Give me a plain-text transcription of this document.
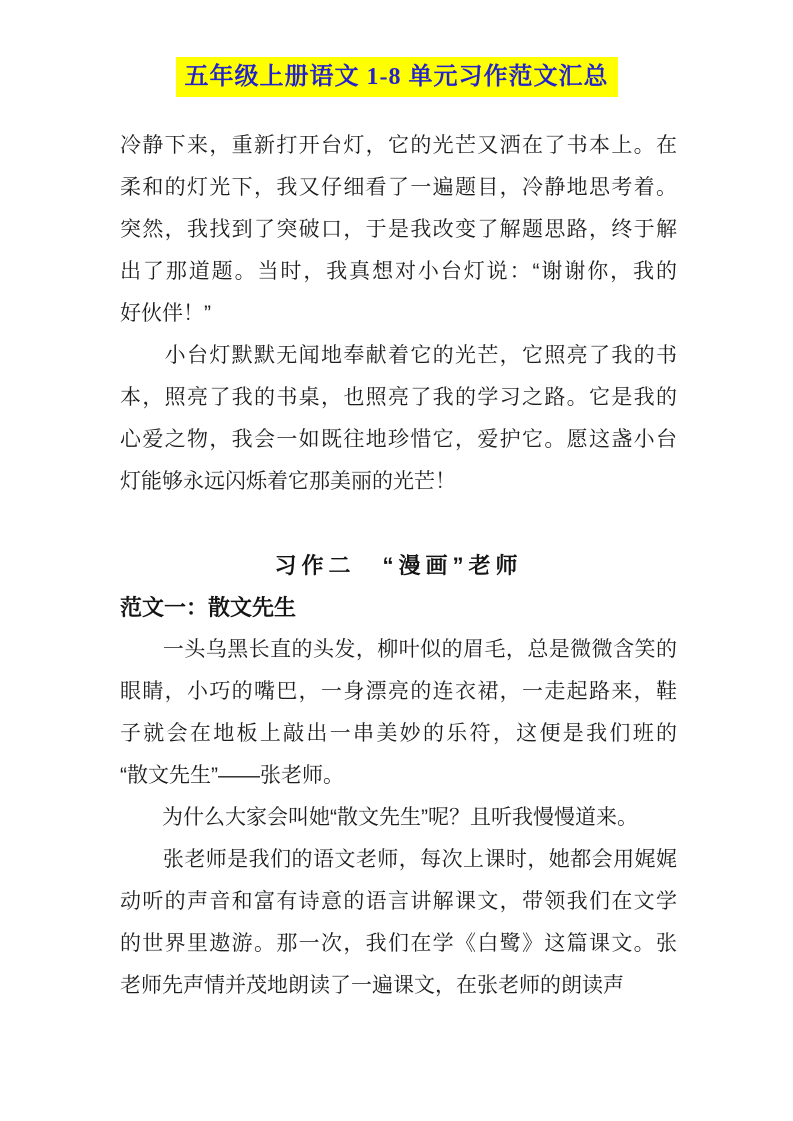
五年级上册语文 1-8 单元习作范文汇总
冷静下来，重新打开台灯，它的光芒又洒在了书本上。在
柔和的灯光下，我又仔细看了一遍题目，冷静地思考着。
突然，我找到了突破口，于是我改变了解题思路，终于解
出了那道题。当时，我真想对小台灯说：“谢谢你，我的
好伙伴！”
　　小台灯默默无闻地奉献着它的光芒，它照亮了我的书
本，照亮了我的书桌，也照亮了我的学习之路。它是我的
心爱之物，我会一如既往地珍惜它，爱护它。愿这盏小台
灯能够永远闪烁着它那美丽的光芒！
习作二　“漫画”老师
范文一：散文先生
　　一头乌黑长直的头发，柳叶似的眉毛，总是微微含笑的
眼睛，小巧的嘴巴，一身漂亮的连衣裙，一走起路来，鞋
子就会在地板上敲出一串美妙的乐符，这便是我们班的
“散文先生”——张老师。
　　为什么大家会叫她“散文先生”呢？且听我慢慢道来。
　　张老师是我们的语文老师，每次上课时，她都会用娓娓
动听的声音和富有诗意的语言讲解课文，带领我们在文学
的世界里遨游。那一次，我们在学《白鹭》这篇课文。张
老师先声情并茂地朗读了一遍课文，在张老师的朗读声
